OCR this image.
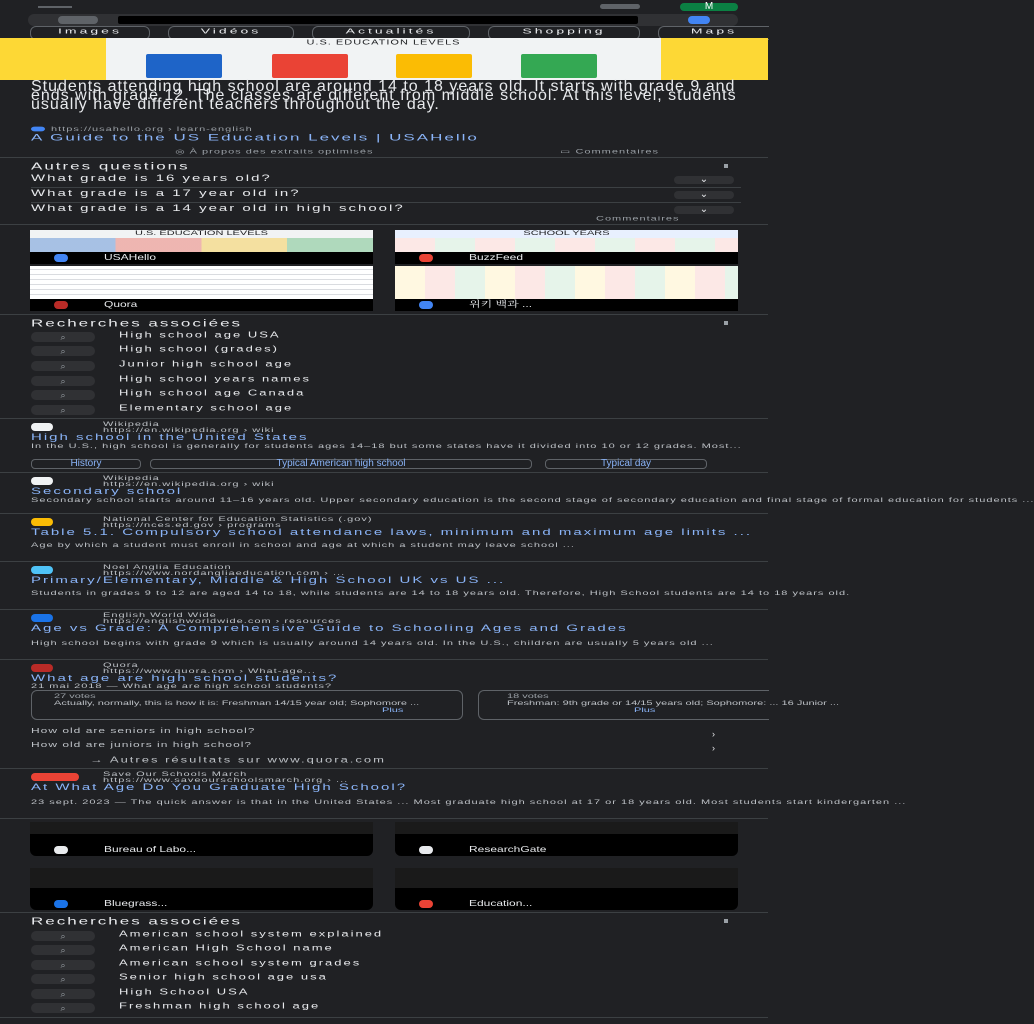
M
Images	Vidéos	Actualités	Shopping	Maps
U.S. EDUCATION LEVELS
Students attending high school are around 14 to 18 years old. It starts with grade 9 and ends with grade 12. The classes are different from middle school. At this level, students usually have different teachers throughout the day.
https://usahello.org › learn-english
A Guide to the US Education Levels | USAHello
◎ À propos des extraits optimisés	▭ Commentaires
Autres questions
What grade is 16 years old?	⌄
What grade is a 17 year old in?	⌄
What grade is a 14 year old in high school?	⌄
Commentaires
U.S. EDUCATION LEVELS
USAHello
SCHOOL YEARS
BuzzFeed
Quora	위키 백과 ...
Recherches associées
⌕	High school age USA
⌕	High school (grades)
⌕	Junior high school age
⌕	High school years names
⌕	High school age Canada
⌕	Elementary school age
Wikipedia
https://en.wikipedia.org › wiki
High school in the United States
In the U.S., high school is generally for students ages 14–18 but some states have it divided into 10 or 12 grades. Most...
History	Typical American high school	Typical day
Wikipedia
https://en.wikipedia.org › wiki
Secondary school
Secondary school starts around 11–16 years old. Upper secondary education is the second stage of secondary education and final stage of formal education for students ...
National Center for Education Statistics (.gov)
https://nces.ed.gov › programs
Table 5.1. Compulsory school attendance laws, minimum and maximum age limits ...
Age by which a student must enroll in school and age at which a student may leave school ...
Noel Anglia Education
https://www.nordangliaeducation.com › ...
Primary/Elementary, Middle & High School UK vs US ...
Students in grades 9 to 12 are aged 14 to 18, while students are 14 to 18 years old. Therefore, High School students are 14 to 18 years old.
English World Wide
https://englishworldwide.com › resources
Age vs Grade: A Comprehensive Guide to Schooling Ages and Grades
High school begins with grade 9 which is usually around 14 years old. In the U.S., children are usually 5 years old ...
Quora
https://www.quora.com › What-age...
What age are high school students?
21 mai 2018 — What age are high school students?
27 votes
Actually, normally, this is how it is: Freshman 14/15 year old; Sophomore ...
Plus
18 votes
Freshman: 9th grade or 14/15 years old; Sophomore: ... 16 Junior ...
Plus
How old are seniors in high school?	›
How old are juniors in high school?	›
→ Autres résultats sur www.quora.com
Save Our Schools March
https://www.saveourschoolsmarch.org › ...
At What Age Do You Graduate High School?
23 sept. 2023 — The quick answer is that in the United States ... Most graduate high school at 17 or 18 years old. Most students start kindergarten ...
Bureau of Labo...	ResearchGate
Bluegrass...	Education...
Recherches associées
⌕	American school system explained
⌕	American High School name
⌕	American school system grades
⌕	Senior high school age usa
⌕	High School USA
⌕	Freshman high school age
